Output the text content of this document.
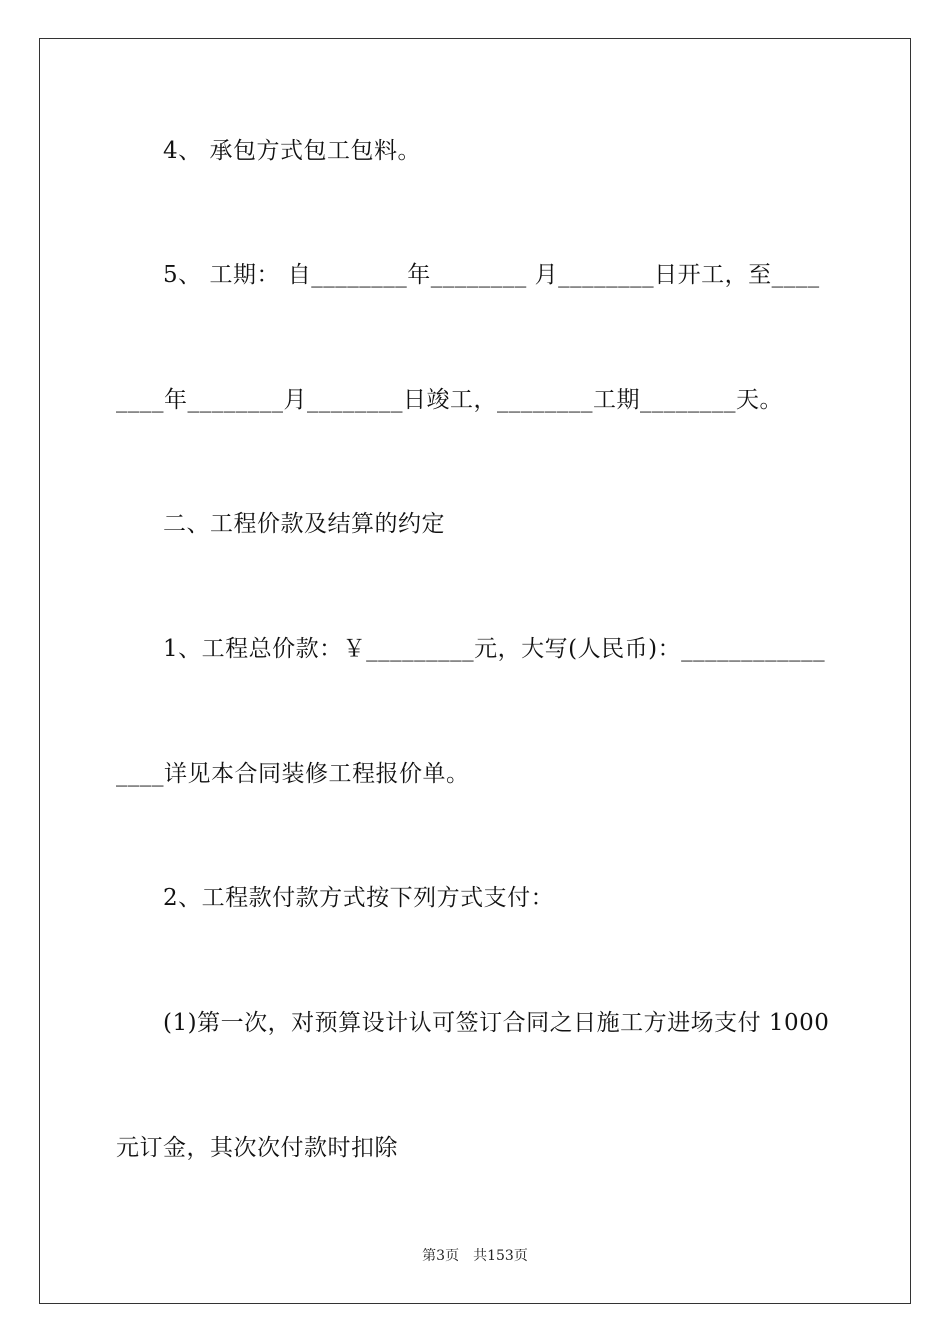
4、 承包方式包工包料。
5、 工期： 自________年________ 月________日开工，至____
____年________月________日竣工，________工期________天。
二、工程价款及结算的约定
1、工程总价款：￥_________元，大写(人民币)：____________
____详见本合同装修工程报价单。
2、工程款付款方式按下列方式支付：
(1)第一次，对预算设计认可签订合同之日施工方进场支付 1000
元订金，其次次付款时扣除
第3页 共153页
